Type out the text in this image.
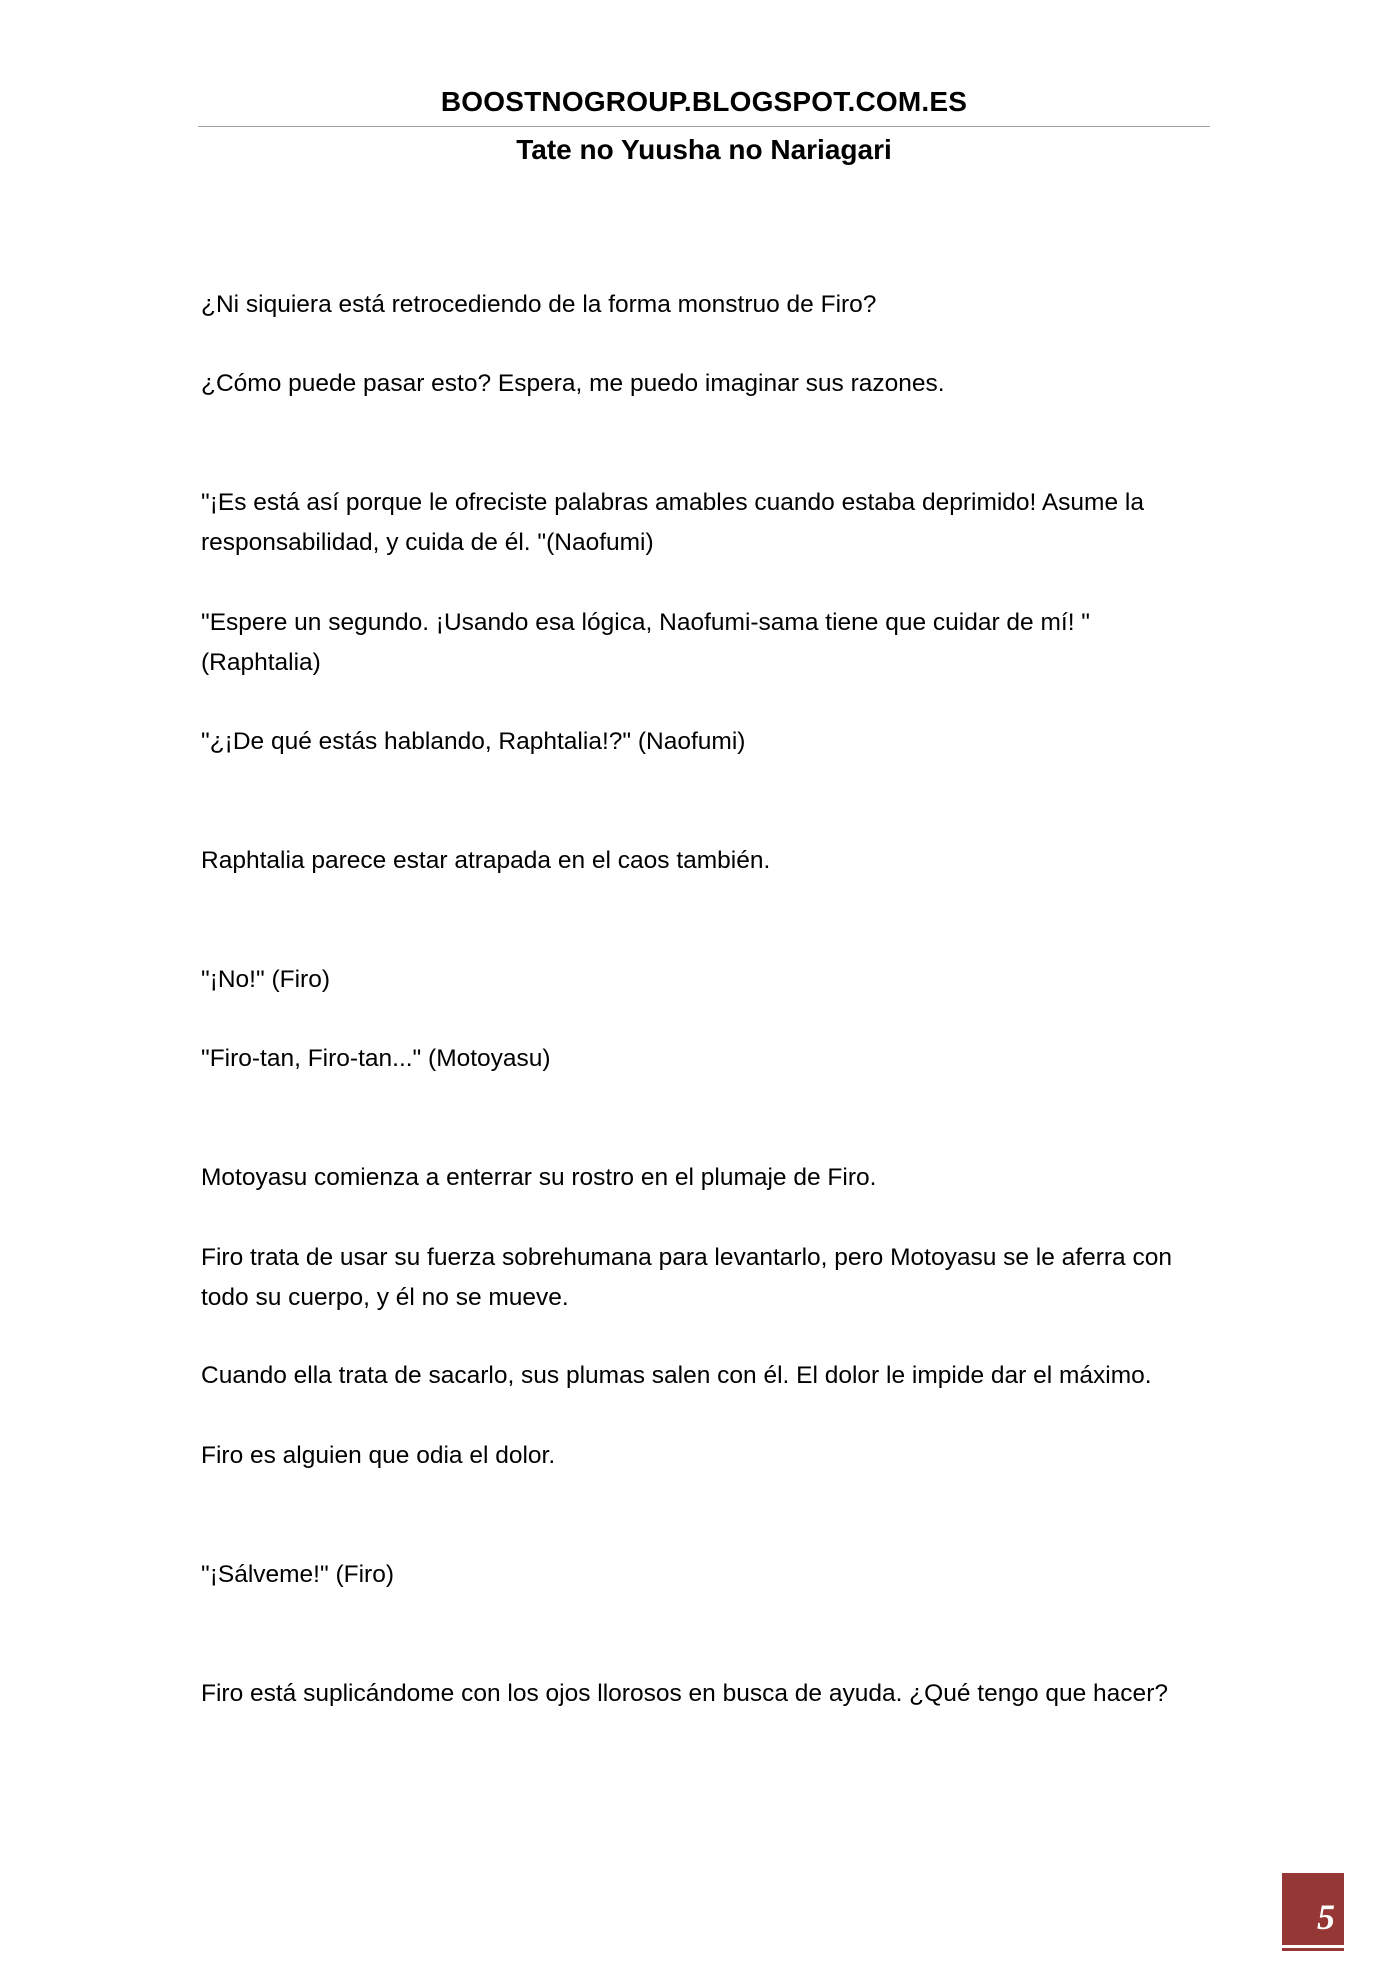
BOOSTNOGROUP.BLOGSPOT.COM.ES
Tate no Yuusha no Nariagari

¿Ni siquiera está retrocediendo de la forma monstruo de Firo?

¿Cómo puede pasar esto? Espera, me puedo imaginar sus razones.

"¡Es está así porque le ofreciste palabras amables cuando estaba deprimido! Asume la responsabilidad, y cuida de él. "(Naofumi)

"Espere un segundo. ¡Usando esa lógica, Naofumi-sama tiene que cuidar de mí! "(Raphtalia)

"¿¡De qué estás hablando, Raphtalia!?" (Naofumi)

Raphtalia parece estar atrapada en el caos también.

"¡No!" (Firo)

"Firo-tan, Firo-tan..." (Motoyasu)

Motoyasu comienza a enterrar su rostro en el plumaje de Firo.

Firo trata de usar su fuerza sobrehumana para levantarlo, pero Motoyasu se le aferra con todo su cuerpo, y él no se mueve.

Cuando ella trata de sacarlo, sus plumas salen con él. El dolor le impide dar el máximo.

Firo es alguien que odia el dolor.

"¡Sálveme!" (Firo)

Firo está suplicándome con los ojos llorosos en busca de ayuda. ¿Qué tengo que hacer?

5
